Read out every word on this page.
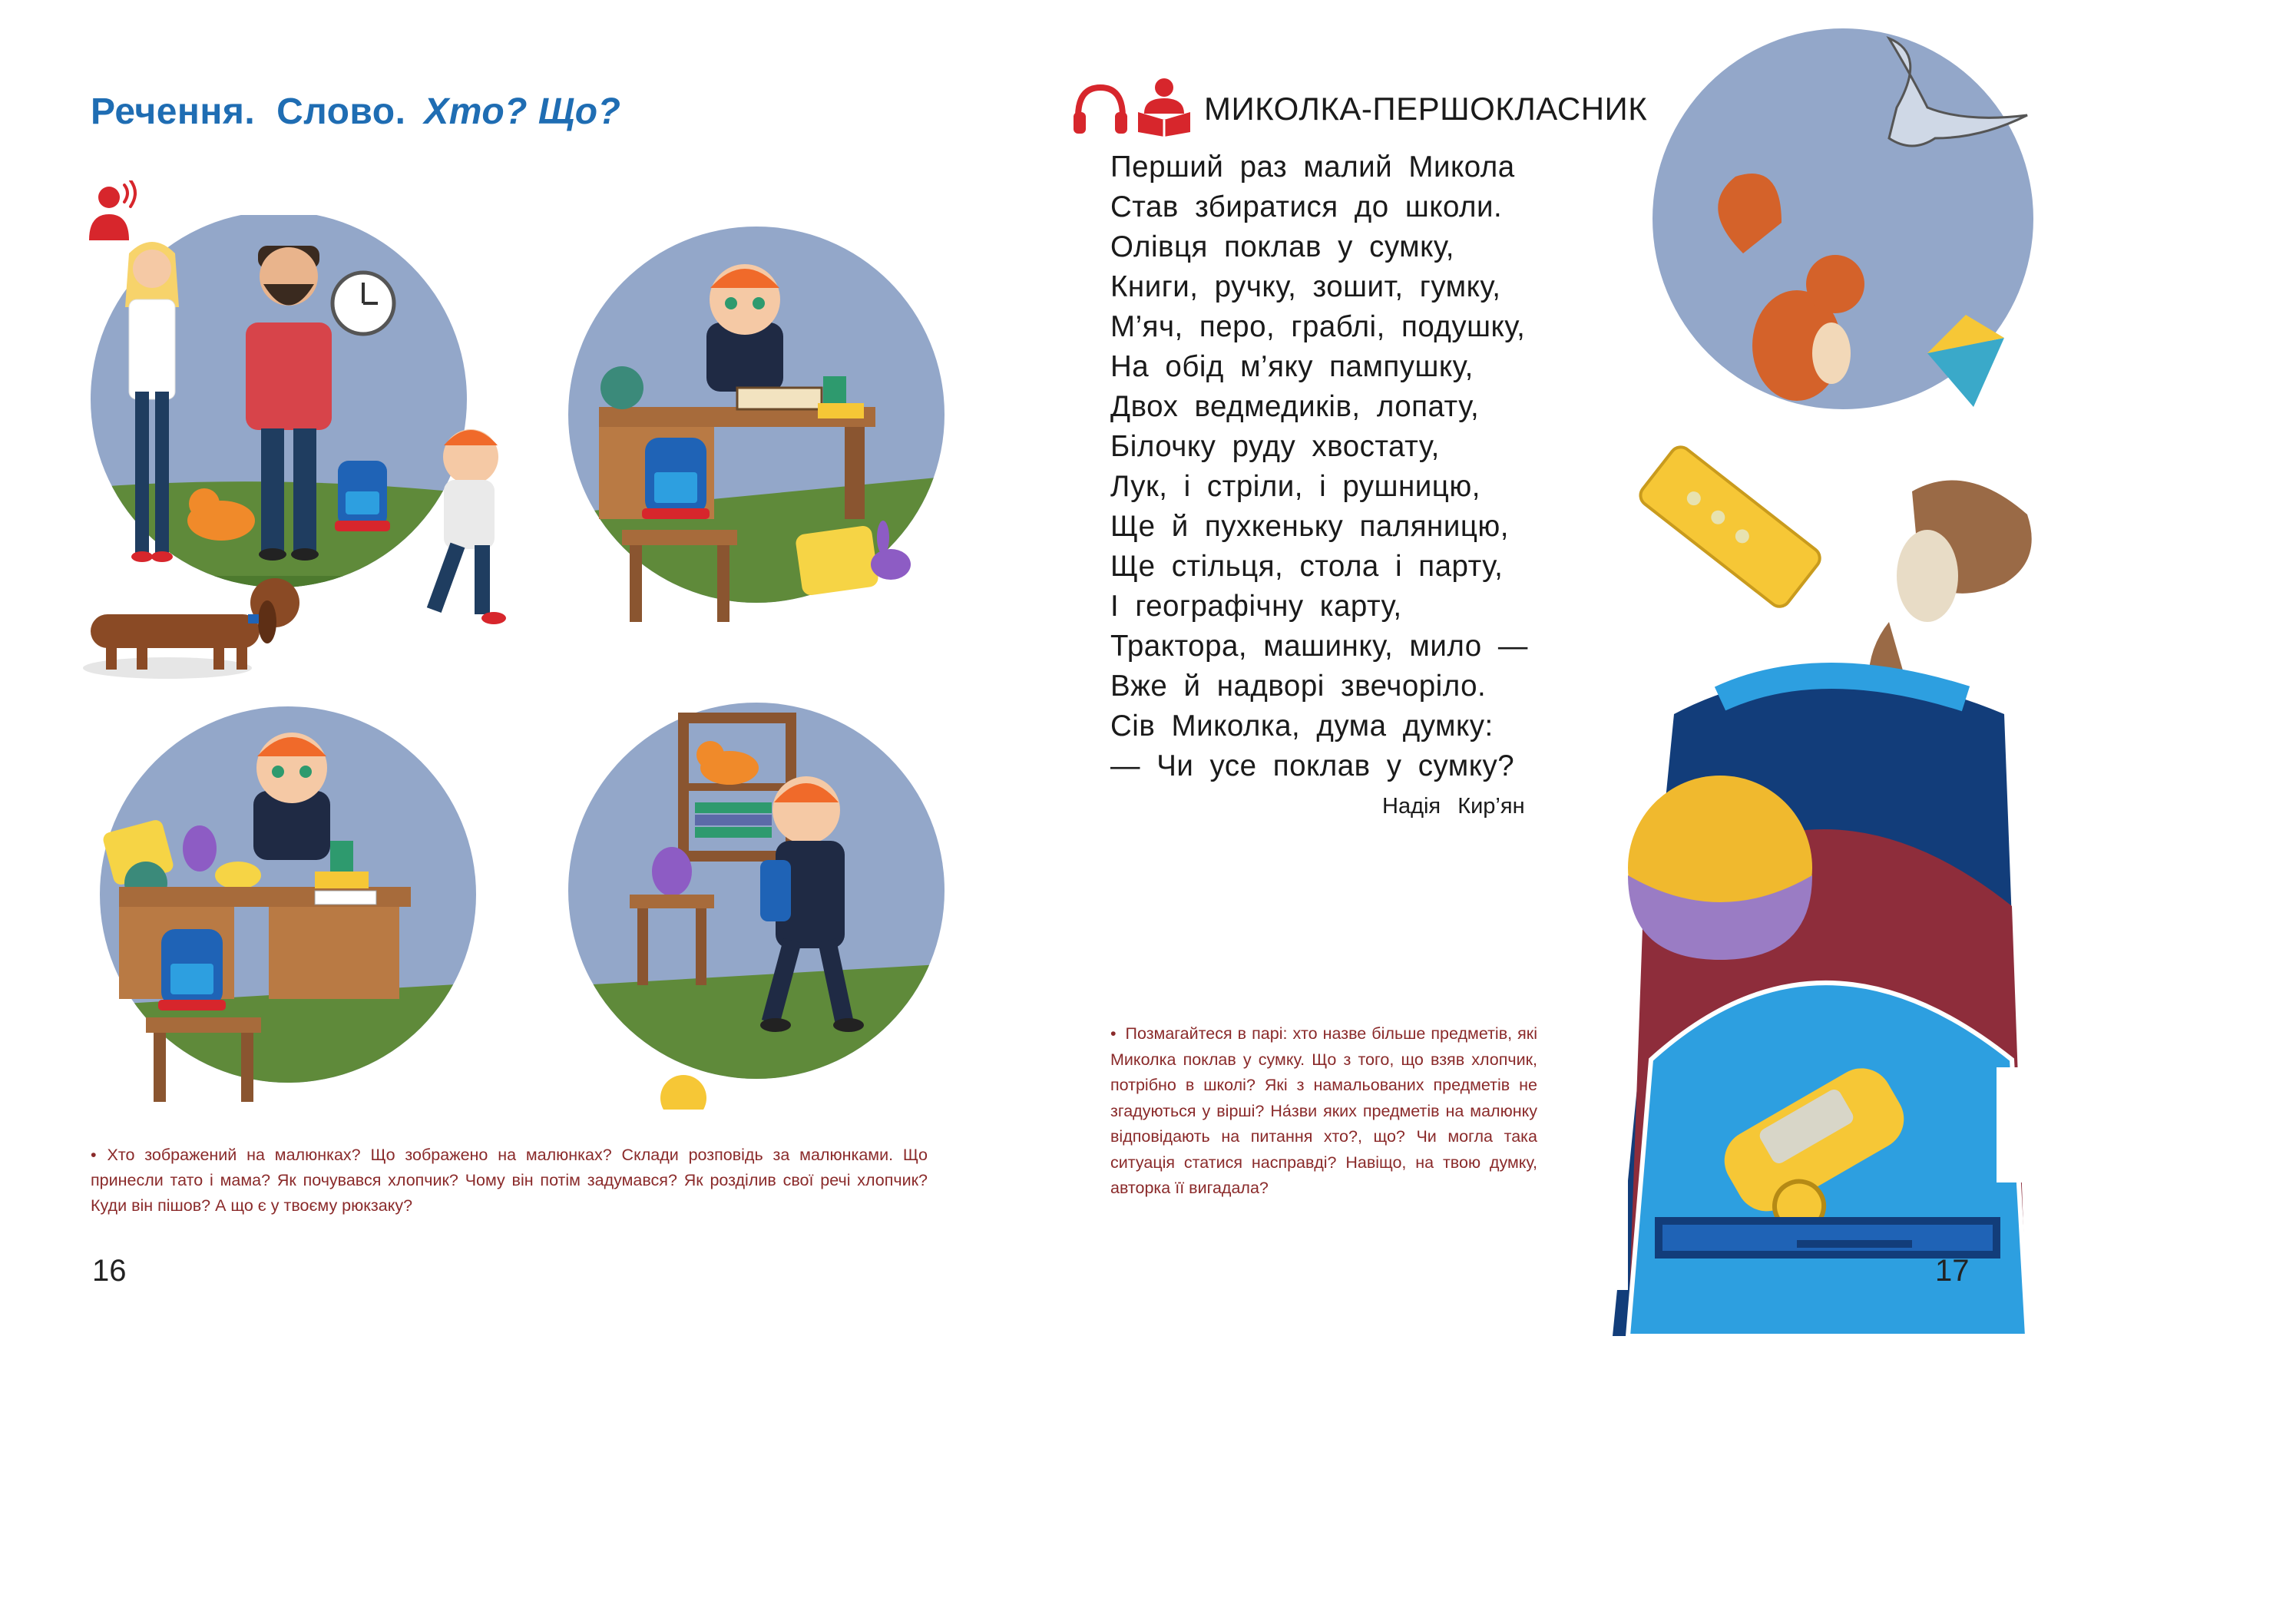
Речення. Слово. Хто? Що?
• Хто зображений на малюнках? Що зображено на малюнках? Склади розповідь за малюнками. Що принесли тато і мама? Як почувався хлопчик? Чому він потім задумався? Як розділив свої речі хлопчик? Куди він пішов? А що є у твоєму рюкзаку?
16
МИКОЛКА-ПЕРШОКЛАСНИК
Перший раз малий Микола
Став збиратися до школи.
Олівця поклав у сумку,
Книги, ручку, зошит, гумку,
М’яч, перо, граблі, подушку,
На обід м’яку пампушку,
Двох ведмедиків, лопату,
Білочку руду хвостату,
Лук, і стріли, і рушницю,
Ще й пухкеньку паляницю,
Ще стільця, стола і парту,
І географічну карту,
Трактора, машинку, мило —
Вже й надворі звечоріло.
Сів Миколка, дума думку:
— Чи усе поклав у сумку?
Надія Кир’ян
• Позмагайтеся в парі: хто назве більше предметів, які Миколка поклав у сумку. Що з того, що взяв хлопчик, потрібно в школі? Які з намальованих предметів не згадуються у вірші? На́зви яких предметів на малюнку відповідають на питання хто?, що? Чи могла така ситуація статися насправді? Навіщо, на твою думку, авторка її вигадала?
17
